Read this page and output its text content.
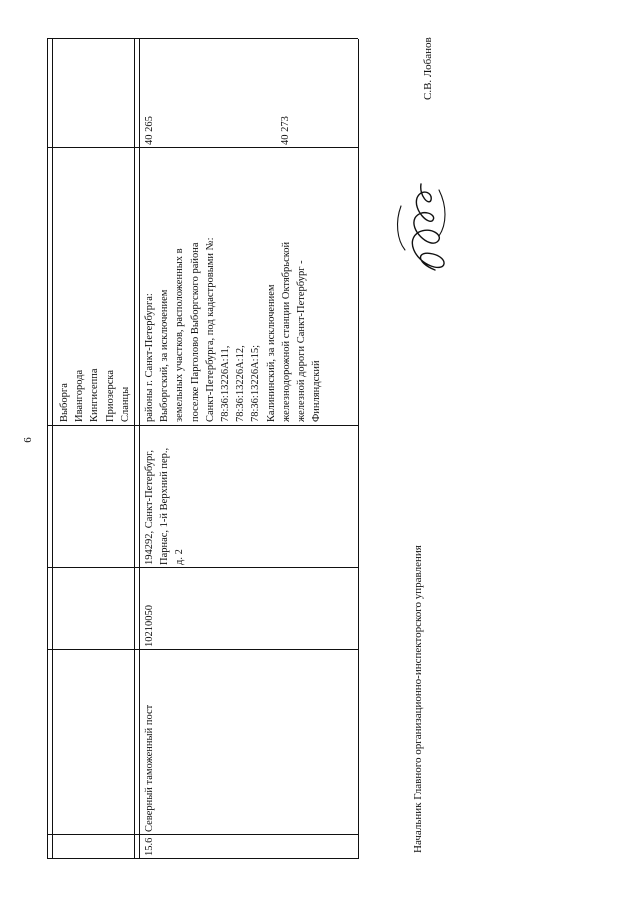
6
Выборга Ивангорода Кингисеппа Приозерска Сланцы
15.6
Северный таможенный пост
10210050
194292, Санкт-Петербург, Парнас, 1-й Верхний пер., д. 2
районы г. Санкт-Петербурга: Выборгский, за исключением земельных участков, расположенных в поселке Парголово Выборгского района Санкт-Петербурга, под кадастровыми №: 78:36:13226А:11, 78:36:13226А:12, 78:36:13226А:15; Калининский, за исключением железнодорожной станции Октябрьской железной дороги Санкт-Петербург - Финляндский
40 265	40 273
Начальник Главного организационно-инспекторского управления
С.В. Лобанов
